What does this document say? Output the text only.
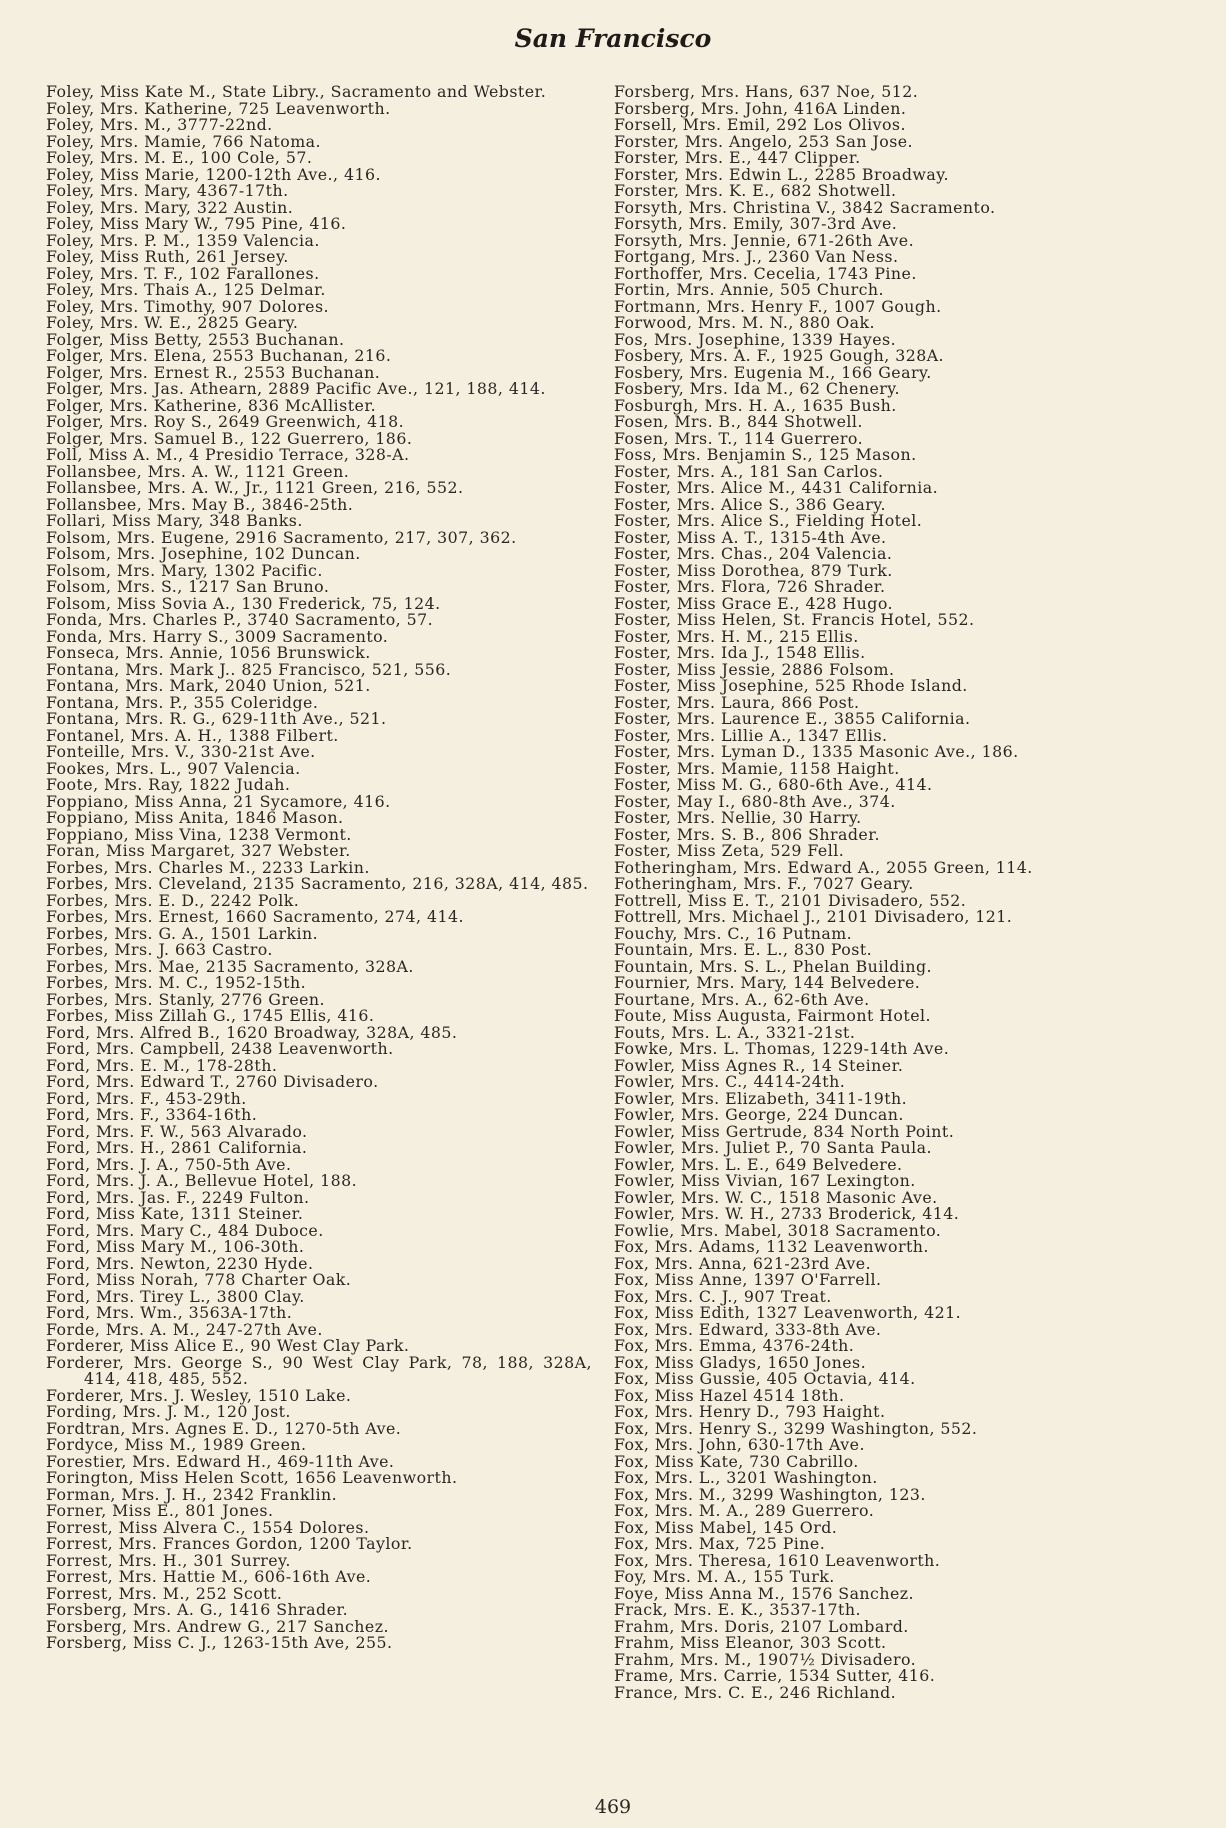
San Francisco
Foley, Miss Kate M., State Libry., Sacramento and Webster.
Foley, Mrs. Katherine, 725 Leavenworth.
Foley, Mrs. M., 3777-22nd.
Foley, Mrs. Mamie, 766 Natoma.
Foley, Mrs. M. E., 100 Cole, 57.
Foley, Miss Marie, 1200-12th Ave., 416.
Foley, Mrs. Mary, 4367-17th.
Foley, Mrs. Mary, 322 Austin.
Foley, Miss Mary W., 795 Pine, 416.
Foley, Mrs. P. M., 1359 Valencia.
Foley, Miss Ruth, 261 Jersey.
Foley, Mrs. T. F., 102 Farallones.
Foley, Mrs. Thais A., 125 Delmar.
Foley, Mrs. Timothy, 907 Dolores.
Foley, Mrs. W. E., 2825 Geary.
Folger, Miss Betty, 2553 Buchanan.
Folger, Mrs. Elena, 2553 Buchanan, 216.
Folger, Mrs. Ernest R., 2553 Buchanan.
Folger, Mrs. Jas. Athearn, 2889 Pacific Ave., 121, 188, 414.
Folger, Mrs. Katherine, 836 McAllister.
Folger, Mrs. Roy S., 2649 Greenwich, 418.
Folger, Mrs. Samuel B., 122 Guerrero, 186.
Foll, Miss A. M., 4 Presidio Terrace, 328-A.
Follansbee, Mrs. A. W., 1121 Green.
Follansbee, Mrs. A. W., Jr., 1121 Green, 216, 552.
Follansbee, Mrs. May B., 3846-25th.
Follari, Miss Mary, 348 Banks.
Folsom, Mrs. Eugene, 2916 Sacramento, 217, 307, 362.
Folsom, Mrs. Josephine, 102 Duncan.
Folsom, Mrs. Mary, 1302 Pacific.
Folsom, Mrs. S., 1217 San Bruno.
Folsom, Miss Sovia A., 130 Frederick, 75, 124.
Fonda, Mrs. Charles P., 3740 Sacramento, 57.
Fonda, Mrs. Harry S., 3009 Sacramento.
Fonseca, Mrs. Annie, 1056 Brunswick.
Fontana, Mrs. Mark J.. 825 Francisco, 521, 556.
Fontana, Mrs. Mark, 2040 Union, 521.
Fontana, Mrs. P., 355 Coleridge.
Fontana, Mrs. R. G., 629-11th Ave., 521.
Fontanel, Mrs. A. H., 1388 Filbert.
Fonteille, Mrs. V., 330-21st Ave.
Fookes, Mrs. L., 907 Valencia.
Foote, Mrs. Ray, 1822 Judah.
Foppiano, Miss Anna, 21 Sycamore, 416.
Foppiano, Miss Anita, 1846 Mason.
Foppiano, Miss Vina, 1238 Vermont.
Foran, Miss Margaret, 327 Webster.
Forbes, Mrs. Charles M., 2233 Larkin.
Forbes, Mrs. Cleveland, 2135 Sacramento, 216, 328A, 414, 485.
Forbes, Mrs. E. D., 2242 Polk.
Forbes, Mrs. Ernest, 1660 Sacramento, 274, 414.
Forbes, Mrs. G. A., 1501 Larkin.
Forbes, Mrs. J. 663 Castro.
Forbes, Mrs. Mae, 2135 Sacramento, 328A.
Forbes, Mrs. M. C., 1952-15th.
Forbes, Mrs. Stanly, 2776 Green.
Forbes, Miss Zillah G., 1745 Ellis, 416.
Ford, Mrs. Alfred B., 1620 Broadway, 328A, 485.
Ford, Mrs. Campbell, 2438 Leavenworth.
Ford, Mrs. E. M., 178-28th.
Ford, Mrs. Edward T., 2760 Divisadero.
Ford, Mrs. F., 453-29th.
Ford, Mrs. F., 3364-16th.
Ford, Mrs. F. W., 563 Alvarado.
Ford, Mrs. H., 2861 California.
Ford, Mrs. J. A., 750-5th Ave.
Ford, Mrs. J. A., Bellevue Hotel, 188.
Ford, Mrs. Jas. F., 2249 Fulton.
Ford, Miss Kate, 1311 Steiner.
Ford, Mrs. Mary C., 484 Duboce.
Ford, Miss Mary M., 106-30th.
Ford, Mrs. Newton, 2230 Hyde.
Ford, Miss Norah, 778 Charter Oak.
Ford, Mrs. Tirey L., 3800 Clay.
Ford, Mrs. Wm., 3563A-17th.
Forde, Mrs. A. M., 247-27th Ave.
Forderer, Miss Alice E., 90 West Clay Park.
Forderer, Mrs. George S., 90 West Clay Park, 78, 188, 328A, 414, 418, 485, 552.
Forderer, Mrs. J. Wesley, 1510 Lake.
Fording, Mrs. J. M., 120 Jost.
Fordtran, Mrs. Agnes E. D., 1270-5th Ave.
Fordyce, Miss M., 1989 Green.
Forestier, Mrs. Edward H., 469-11th Ave.
Forington, Miss Helen Scott, 1656 Leavenworth.
Forman, Mrs. J. H., 2342 Franklin.
Forner, Miss E., 801 Jones.
Forrest, Miss Alvera C., 1554 Dolores.
Forrest, Mrs. Frances Gordon, 1200 Taylor.
Forrest, Mrs. H., 301 Surrey.
Forrest, Mrs. Hattie M., 606-16th Ave.
Forrest, Mrs. M., 252 Scott.
Forsberg, Mrs. A. G., 1416 Shrader.
Forsberg, Mrs. Andrew G., 217 Sanchez.
Forsberg, Miss C. J., 1263-15th Ave, 255.
Forsberg, Mrs. Hans, 637 Noe, 512.
Forsberg, Mrs. John, 416A Linden.
Forsell, Mrs. Emil, 292 Los Olivos.
Forster, Mrs. Angelo, 253 San Jose.
Forster, Mrs. E., 447 Clipper.
Forster, Mrs. Edwin L., 2285 Broadway.
Forster, Mrs. K. E., 682 Shotwell.
Forsyth, Mrs. Christina V., 3842 Sacramento.
Forsyth, Mrs. Emily, 307-3rd Ave.
Forsyth, Mrs. Jennie, 671-26th Ave.
Fortgang, Mrs. J., 2360 Van Ness.
Forthoffer, Mrs. Cecelia, 1743 Pine.
Fortin, Mrs. Annie, 505 Church.
Fortmann, Mrs. Henry F., 1007 Gough.
Forwood, Mrs. M. N., 880 Oak.
Fos, Mrs. Josephine, 1339 Hayes.
Fosbery, Mrs. A. F., 1925 Gough, 328A.
Fosbery, Mrs. Eugenia M., 166 Geary.
Fosbery, Mrs. Ida M., 62 Chenery.
Fosburgh, Mrs. H. A., 1635 Bush.
Fosen, Mrs. B., 844 Shotwell.
Fosen, Mrs. T., 114 Guerrero.
Foss, Mrs. Benjamin S., 125 Mason.
Foster, Mrs. A., 181 San Carlos.
Foster, Mrs. Alice M., 4431 California.
Foster, Mrs. Alice S., 386 Geary.
Foster, Mrs. Alice S., Fielding Hotel.
Foster, Miss A. T., 1315-4th Ave.
Foster, Mrs. Chas., 204 Valencia.
Foster, Miss Dorothea, 879 Turk.
Foster, Mrs. Flora, 726 Shrader.
Foster, Miss Grace E., 428 Hugo.
Foster, Miss Helen, St. Francis Hotel, 552.
Foster, Mrs. H. M., 215 Ellis.
Foster, Mrs. Ida J., 1548 Ellis.
Foster, Miss Jessie, 2886 Folsom.
Foster, Miss Josephine, 525 Rhode Island.
Foster, Mrs. Laura, 866 Post.
Foster, Mrs. Laurence E., 3855 California.
Foster, Mrs. Lillie A., 1347 Ellis.
Foster, Mrs. Lyman D., 1335 Masonic Ave., 186.
Foster, Mrs. Mamie, 1158 Haight.
Foster, Miss M. G., 680-6th Ave., 414.
Foster, May I., 680-8th Ave., 374.
Foster, Mrs. Nellie, 30 Harry.
Foster, Mrs. S. B., 806 Shrader.
Foster, Miss Zeta, 529 Fell.
Fotheringham, Mrs. Edward A., 2055 Green, 114.
Fotheringham, Mrs. F., 7027 Geary.
Fottrell, Miss E. T., 2101 Divisadero, 552.
Fottrell, Mrs. Michael J., 2101 Divisadero, 121.
Fouchy, Mrs. C., 16 Putnam.
Fountain, Mrs. E. L., 830 Post.
Fountain, Mrs. S. L., Phelan Building.
Fournier, Mrs. Mary, 144 Belvedere.
Fourtane, Mrs. A., 62-6th Ave.
Foute, Miss Augusta, Fairmont Hotel.
Fouts, Mrs. L. A., 3321-21st.
Fowke, Mrs. L. Thomas, 1229-14th Ave.
Fowler, Miss Agnes R., 14 Steiner.
Fowler, Mrs. C., 4414-24th.
Fowler, Mrs. Elizabeth, 3411-19th.
Fowler, Mrs. George, 224 Duncan.
Fowler, Miss Gertrude, 834 North Point.
Fowler, Mrs. Juliet P., 70 Santa Paula.
Fowler, Mrs. L. E., 649 Belvedere.
Fowler, Miss Vivian, 167 Lexington.
Fowler, Mrs. W. C., 1518 Masonic Ave.
Fowler, Mrs. W. H., 2733 Broderick, 414.
Fowlie, Mrs. Mabel, 3018 Sacramento.
Fox, Mrs. Adams, 1132 Leavenworth.
Fox, Mrs. Anna, 621-23rd Ave.
Fox, Miss Anne, 1397 O'Farrell.
Fox, Mrs. C. J., 907 Treat.
Fox, Miss Edith, 1327 Leavenworth, 421.
Fox, Mrs. Edward, 333-8th Ave.
Fox, Mrs. Emma, 4376-24th.
Fox, Miss Gladys, 1650 Jones.
Fox, Miss Gussie, 405 Octavia, 414.
Fox, Miss Hazel 4514 18th.
Fox, Mrs. Henry D., 793 Haight.
Fox, Mrs. Henry S., 3299 Washington, 552.
Fox, Mrs. John, 630-17th Ave.
Fox, Miss Kate, 730 Cabrillo.
Fox, Mrs. L., 3201 Washington.
Fox, Mrs. M., 3299 Washington, 123.
Fox, Mrs. M. A., 289 Guerrero.
Fox, Miss Mabel, 145 Ord.
Fox, Mrs. Max, 725 Pine.
Fox, Mrs. Theresa, 1610 Leavenworth.
Foy, Mrs. M. A., 155 Turk.
Foye, Miss Anna M., 1576 Sanchez.
Frack, Mrs. E. K., 3537-17th.
Frahm, Mrs. Doris, 2107 Lombard.
Frahm, Miss Eleanor, 303 Scott.
Frahm, Mrs. M., 1907½ Divisadero.
Frame, Mrs. Carrie, 1534 Sutter, 416.
France, Mrs. C. E., 246 Richland.
469
